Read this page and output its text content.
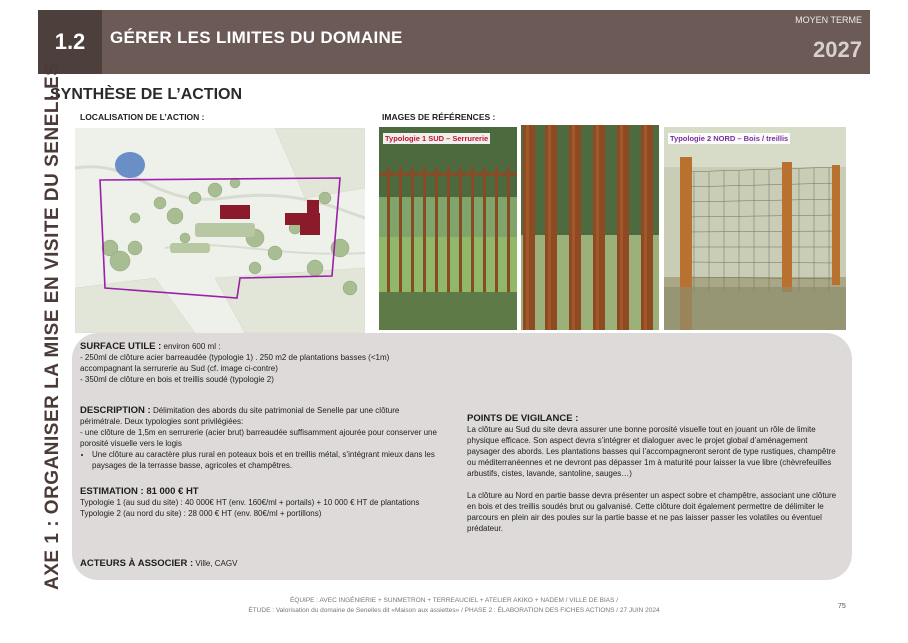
1.2	GÉRER LES LIMITES DU DOMAINE
MOYEN TERME
2027
SYNTHÈSE DE L’ACTION
LOCALISATION DE L’ACTION :	IMAGES DE RÉFÉRENCES :
AXE 1 : ORGANISER LA MISE EN VISITE DU SENELLES	Typologie 1 SUD – Serrurerie	Typologie 2 NORD – Bois / treillis
SURFACE UTILE : environ 600 ml :
- 250ml de clôture acier barreaudée (typologie 1) . 250 m2 de plantations basses (<1m)
accompagnant la serrurerie au Sud (cf. image ci-contre)
- 350ml de clôture en bois et treillis soudé (typologie 2)
DESCRIPTION : Délimitation des abords du site patrimonial de Senelle par une clôture périmétrale. Deux typologies sont privilégiées:
- une clôture de 1,5m en serrurerie (acier brut) barreaudée suffisamment ajourée pour conserver une porosité visuelle vers le logis
• Une clôture au caractère plus rural en poteaux bois et en treillis métal, s’intégrant mieux dans les paysages de la terrasse basse, agricoles et champêtres.
ESTIMATION : 81 000 € HT
Typologie 1 (au sud du site) : 40 000€ HT (env. 160€/ml + portails) + 10 000 € HT de plantations
Typologie 2 (au nord du site) : 28 000 € HT (env. 80€/ml + portillons)
ACTEURS À ASSOCIER : Ville, CAGV
POINTS DE VIGILANCE :
La clôture au Sud du site devra assurer une bonne porosité visuelle tout en jouant un rôle de limite physique efficace. Son aspect devra s’intégrer et dialoguer avec le projet global d’aménagement paysager des abords. Les plantations basses qui l’accompagneront seront de type rustiques, champêtre ou méditerranéennes et ne devront pas dépasser 1m à maturité pour laisser la vue libre (chèvrefeuilles arbustifs, cistes, lavande, santoline, sauges…)
La clôture au Nord en partie basse devra présenter un aspect sobre et champêtre, associant une clôture en bois et des treillis soudés brut ou galvanisé. Cette clôture doit également permettre de délimiter le parcours en plein air des poules sur la partie basse et ne pas laisser passer les volatiles ou éventuel prédateur.
ÉQUIPE : AVEC INGÉNIERIE + SUNMETRON + TERREAUCIEL + ATELIER AKIKO + NADEM / VILLE DE BIAS /
ÉTUDE : Valorisation du domaine de Senelles dit «Maison aux assiettes» / PHASE 2 : ÉLABORATION DES FICHES ACTIONS / 27 JUIN 2024
75
